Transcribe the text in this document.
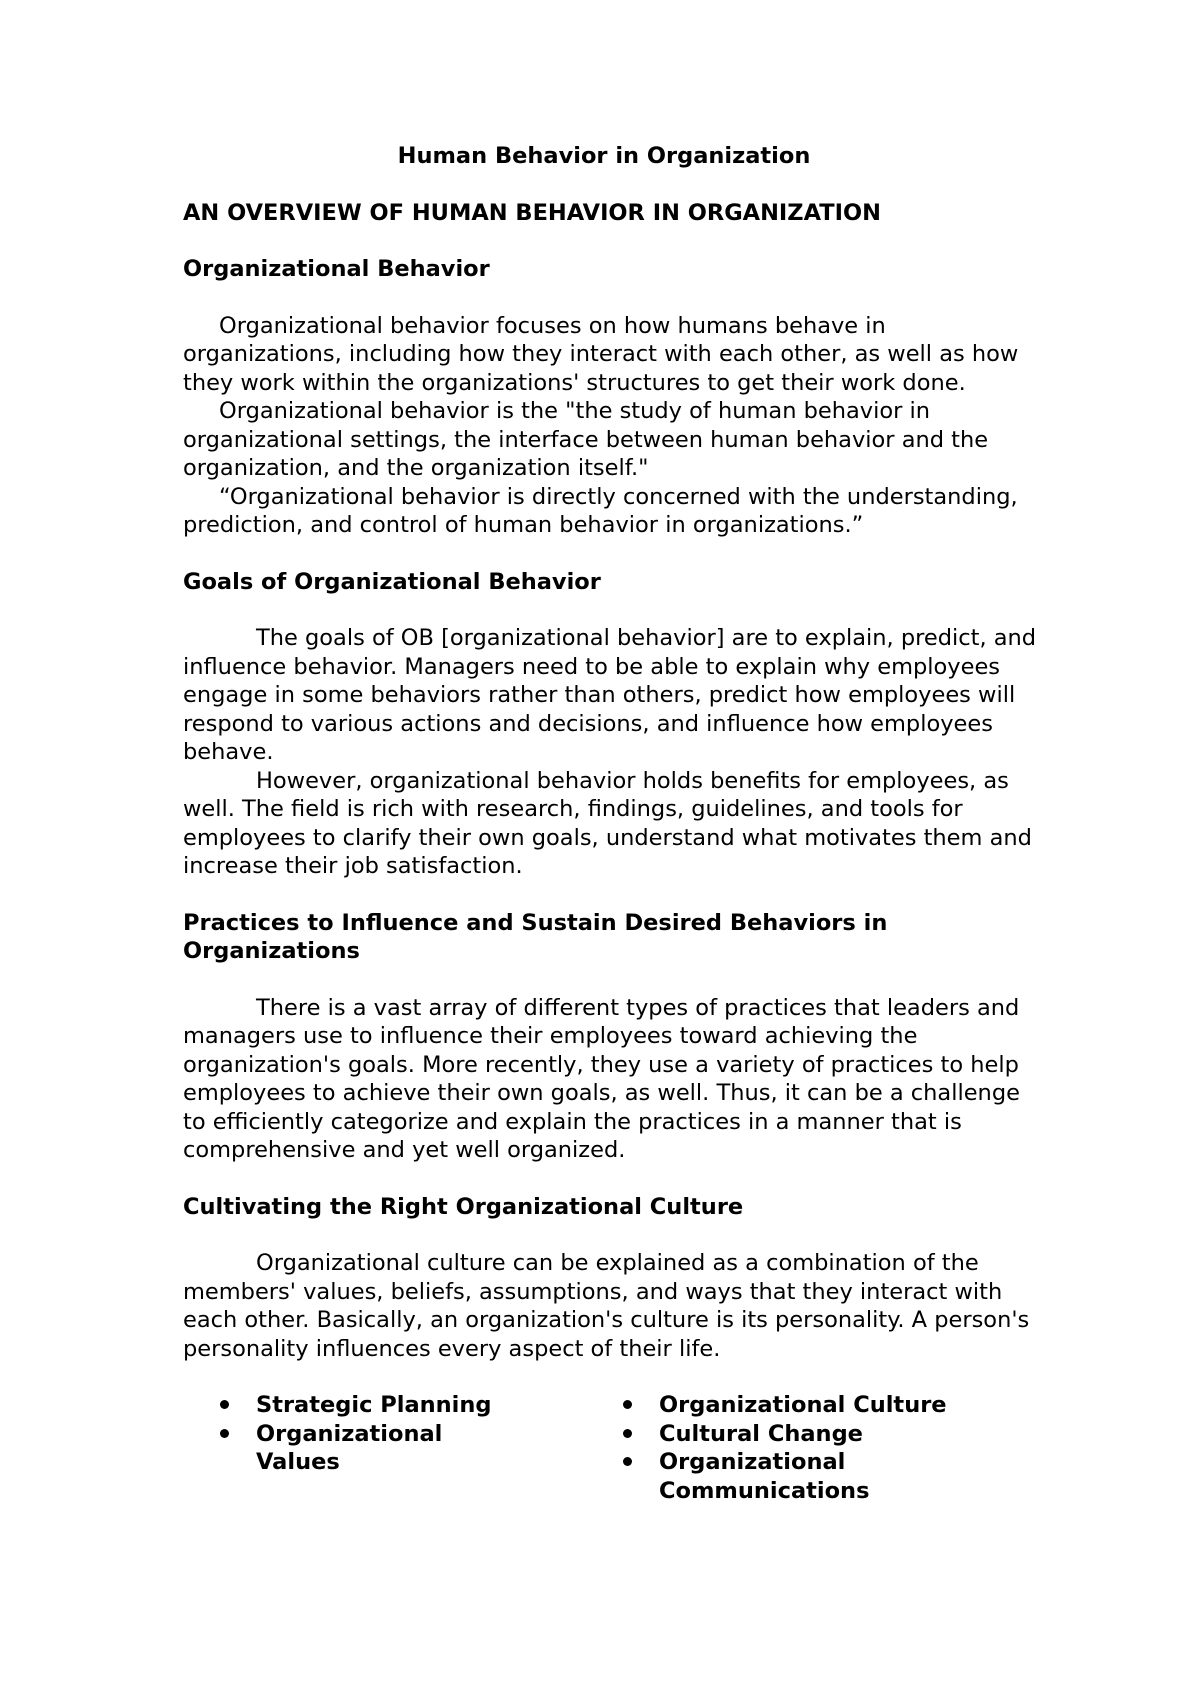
Human Behavior in Organization
AN OVERVIEW OF HUMAN BEHAVIOR IN ORGANIZATION
Organizational Behavior

Organizational behavior focuses on how humans behave in organizations, including how they interact with each other, as well as how they work within the organizations' structures to get their work done.

Organizational behavior is the "the study of human behavior in organizational settings, the interface between human behavior and the organization, and the organization itself."

“Organizational behavior is directly concerned with the understanding, prediction, and control of human behavior in organizations.”

Goals of Organizational Behavior

The goals of OB [organizational behavior] are to explain, predict, and influence behavior. Managers need to be able to explain why employees engage in some behaviors rather than others, predict how employees will respond to various actions and decisions, and influence how employees behave.

However, organizational behavior holds benefits for employees, as well. The field is rich with research, findings, guidelines, and tools for employees to clarify their own goals, understand what motivates them and increase their job satisfaction.

Practices to Influence and Sustain Desired Behaviors in Organizations

There is a vast array of different types of practices that leaders and managers use to influence their employees toward achieving the organization's goals. More recently, they use a variety of practices to help employees to achieve their own goals, as well. Thus, it can be a challenge to efficiently categorize and explain the practices in a manner that is comprehensive and yet well organized.

Cultivating the Right Organizational Culture

Organizational culture can be explained as a combination of the members' values, beliefs, assumptions, and ways that they interact with each other. Basically, an organization's culture is its personality. A person's personality influences every aspect of their life.

Strategic Planning
Organizational Values
Organizational Culture
Cultural Change
Organizational Communications
